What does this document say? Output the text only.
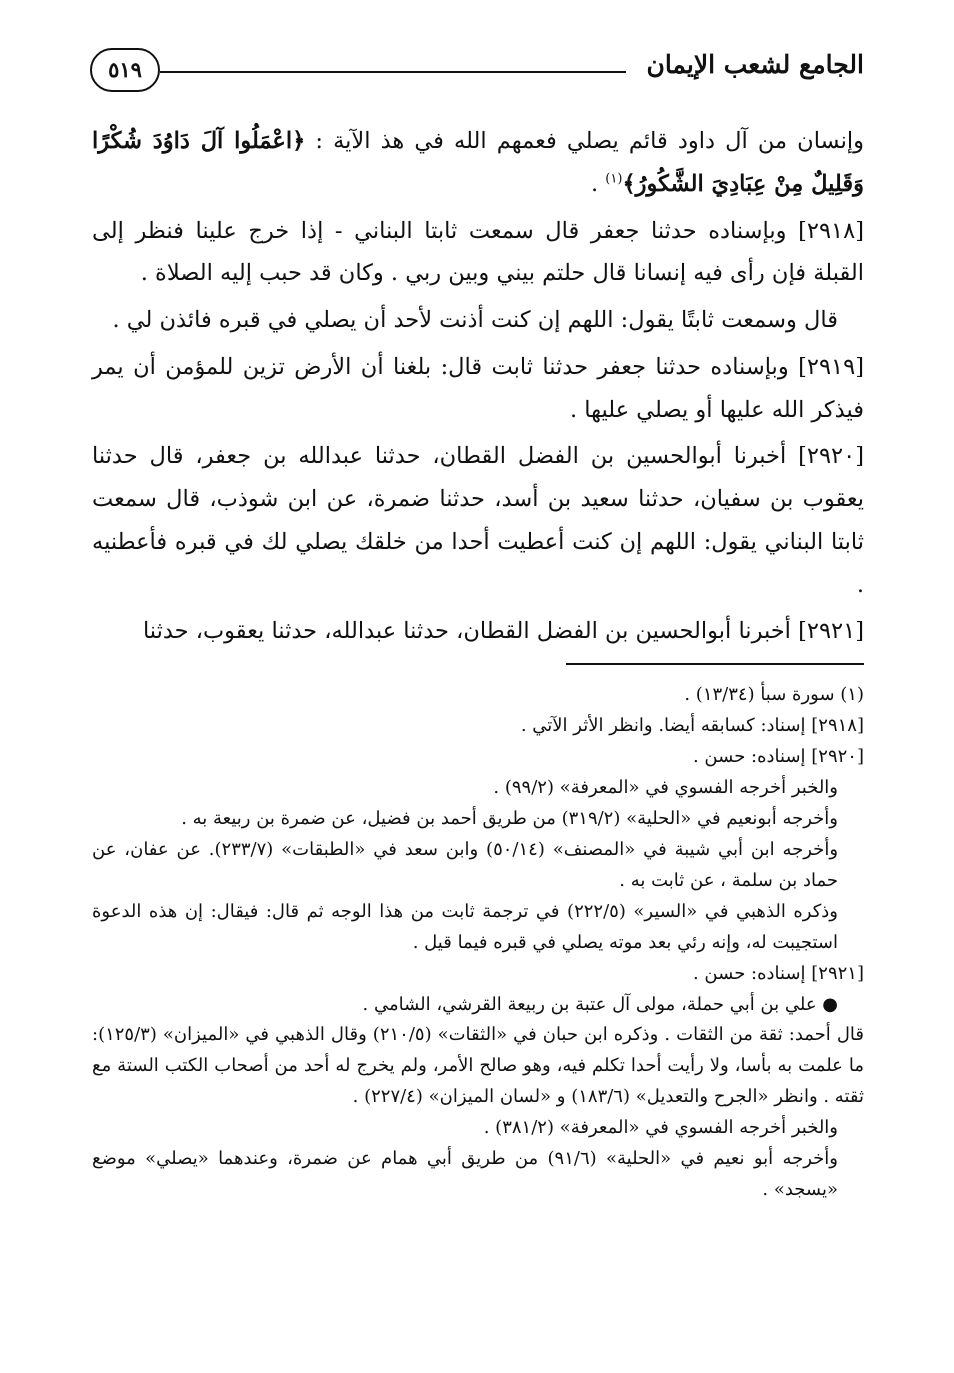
الجامع لشعب الإيمان
٥١٩

وإنسان من آل داود قائم يصلي فعمهم الله في هذ الآية : ﴿اعْمَلُوا آلَ دَاوُدَ شُكْرًا وَقَلِيلٌ مِنْ عِبَادِيَ الشَّكُورُ﴾$^{(١)}$ .

[٢٩١٨] وبإسناده حدثنا جعفر قال سمعت ثابتا البناني - إذا خرج علينا فنظر إلى القبلة فإن رأى فيه إنسانا قال حلتم بيني وبين ربي . وكان قد حبب إليه الصلاة .

قال وسمعت ثابتًا يقول: اللهم إن كنت أذنت لأحد أن يصلي في قبره فائذن لي .

[٢٩١٩] وبإسناده حدثنا جعفر حدثنا ثابت قال: بلغنا أن الأرض تزين للمؤمن أن يمر فيذكر الله عليها أو يصلي عليها .

[٢٩٢٠] أخبرنا أبوالحسين بن الفضل القطان، حدثنا عبدالله بن جعفر، قال حدثنا يعقوب بن سفيان، حدثنا سعيد بن أسد، حدثنا ضمرة، عن ابن شوذب، قال سمعت ثابتا البناني يقول: اللهم إن كنت أعطيت أحدا من خلقك يصلي لك في قبره فأعطنيه .

[٢٩٢١] أخبرنا أبوالحسين بن الفضل القطان، حدثنا عبدالله، حدثنا يعقوب، حدثنا

(١) سورة سبأ (١٣/٣٤) .

[٢٩١٨] إسناد: كسابقه أيضا. وانظر الأثر الآتي .

[٢٩٢٠] إسناده: حسن .

والخبر أخرجه الفسوي في «المعرفة» (٩٩/٢) .

وأخرجه أبونعيم في «الحلية» (٣١٩/٢) من طريق أحمد بن فضيل، عن ضمرة بن ربيعة به .

وأخرجه ابن أبي شيبة في «المصنف» (٥٠/١٤) وابن سعد في «الطبقات» (٢٣٣/٧). عن عفان، عن حماد بن سلمة ، عن ثابت به .

وذكره الذهبي في «السير» (٢٢٢/٥) في ترجمة ثابت من هذا الوجه ثم قال: فيقال: إن هذه الدعوة استجيبت له، وإنه رئي بعد موته يصلي في قبره فيما قيل .

[٢٩٢١] إسناده: حسن .

● علي بن أبي حملة، مولى آل عتبة بن ربيعة القرشي، الشامي .

قال أحمد: ثقة من الثقات . وذكره ابن حبان في «الثقات» (٢١٠/٥) وقال الذهبي في «الميزان» (١٢٥/٣): ما علمت به بأسا، ولا رأيت أحدا تكلم فيه، وهو صالح الأمر، ولم يخرج له أحد من أصحاب الكتب الستة مع ثقته . وانظر «الجرح والتعديل» (١٨٣/٦) و «لسان الميزان» (٢٢٧/٤) .

والخبر أخرجه الفسوي في «المعرفة» (٣٨١/٢) .

وأخرجه أبو نعيم في «الحلية» (٩١/٦) من طريق أبي همام عن ضمرة، وعندهما «يصلي» موضع «يسجد» .
